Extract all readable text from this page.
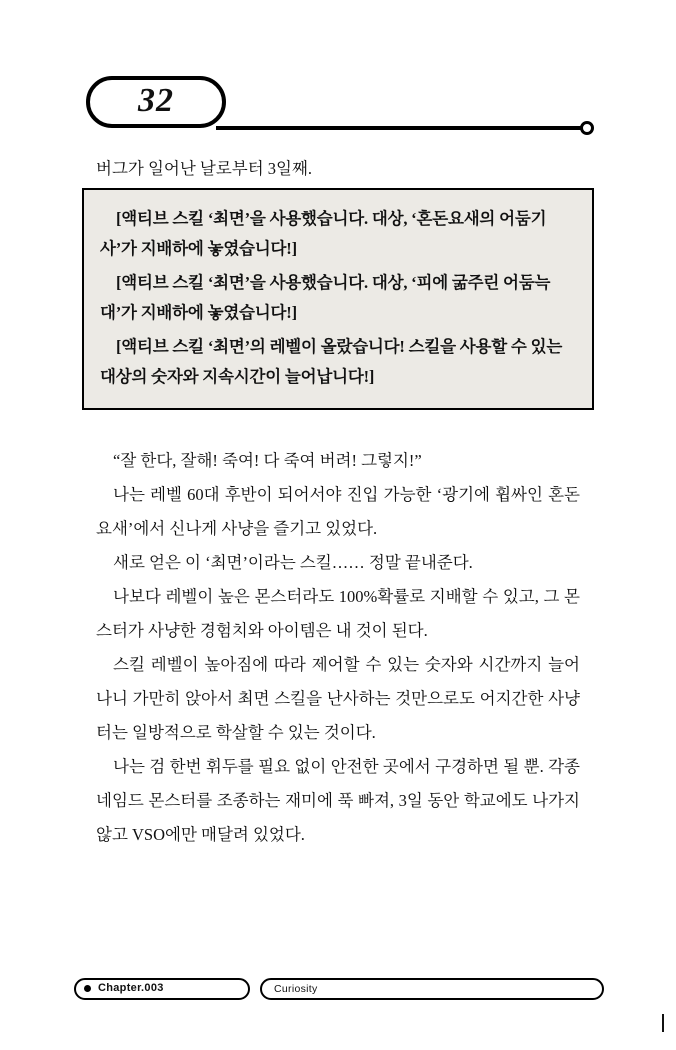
32

버그가 일어난 날로부터 3일째.

[액티브 스킬 ‘최면’을 사용했습니다. 대상, ‘혼돈요새의 어둠기사’가 지배하에 놓였습니다!]

[액티브 스킬 ‘최면’을 사용했습니다. 대상, ‘피에 굶주린 어둠늑대’가 지배하에 놓였습니다!]

[액티브 스킬 ‘최면’의 레벨이 올랐습니다! 스킬을 사용할 수 있는 대상의 숫자와 지속시간이 늘어납니다!]

“잘 한다, 잘해! 죽여! 다 죽여 버려! 그렇지!”

나는 레벨 60대 후반이 되어서야 진입 가능한 ‘광기에 휩싸인 혼돈요새’에서 신나게 사냥을 즐기고 있었다.

새로 얻은 이 ‘최면’이라는 스킬…… 정말 끝내준다.

나보다 레벨이 높은 몬스터라도 100%확률로 지배할 수 있고, 그 몬스터가 사냥한 경험치와 아이템은 내 것이 된다.

스킬 레벨이 높아짐에 따라 제어할 수 있는 숫자와 시간까지 늘어나니 가만히 앉아서 최면 스킬을 난사하는 것만으로도 어지간한 사냥터는 일방적으로 학살할 수 있는 것이다.

나는 검 한번 휘두를 필요 없이 안전한 곳에서 구경하면 될 뿐. 각종 네임드 몬스터를 조종하는 재미에 푹 빠져, 3일 동안 학교에도 나가지 않고 VSO에만 매달려 있었다.

Chapter.003	Curiosity
